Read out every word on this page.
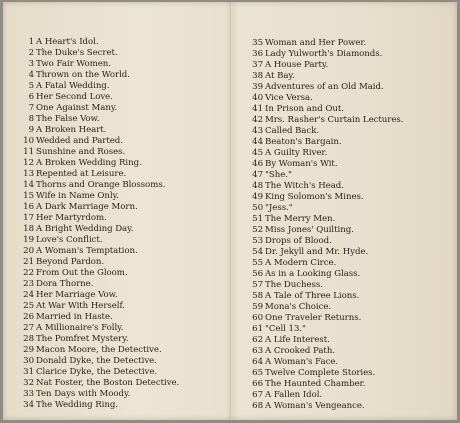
1 A Heart's Idol.
2 The Duke's Secret.
3 Two Fair Women.
4 Thrown on the World.
5 A Fatal Wedding.
6 Her Second Love.
7 One Against Many.
8 The False Vow.
9 A Broken Heart.
10 Wedded and Parted.
11 Sunshine and Roses.
12 A Broken Wedding Ring.
13 Repented at Leisure.
14 Thorns and Orange Blossoms.
15 Wife in Name Only.
16 A Dark Marriage Morn.
17 Her Martyrdom.
18 A Bright Wedding Day.
19 Love's Conflict.
20 A Woman's Temptation.
21 Beyond Pardon.
22 From Out the Gloom.
23 Dora Thorne.
24 Her Marriage Vow.
25 At War With Herself.
26 Married in Haste.
27 A Millionaire's Folly.
28 The Pomfret Mystery.
29 Macon Moore, the Detective.
30 Donald Dyke, the Detective.
31 Clarice Dyke, the Detective.
32 Nat Foster, the Boston Detective.
33 Ten Days with Moody.
34 The Wedding Ring.
35 Woman and Her Power.
36 Lady Yulworth's Diamonds.
37 A House Party.
38 At Bay.
39 Adventures of an Old Maid.
40 Vice Versa.
41 In Prison and Out.
42 Mrs. Rasher's Curtain Lectures.
43 Called Back.
44 Beaton's Bargain.
45 A Guilty River.
46 By Woman's Wit.
47 "She."
48 The Witch's Head.
49 King Solomon's Mines.
50 "Jess."
51 The Merry Men.
52 Miss Jones' Quilting.
53 Drops of Blood.
54 Dr. Jekyll and Mr. Hyde.
55 A Modern Circe.
56 As in a Looking Glass.
57 The Duchess.
58 A Tale of Three Lions.
59 Mona's Choice.
60 One Traveler Returns.
61 "Cell 13."
62 A Life Interest.
63 A Crooked Path.
64 A Woman's Face.
65 Twelve Complete Stories.
66 The Haunted Chamber.
67 A Fallen Idol.
68 A Woman's Vengeance.
